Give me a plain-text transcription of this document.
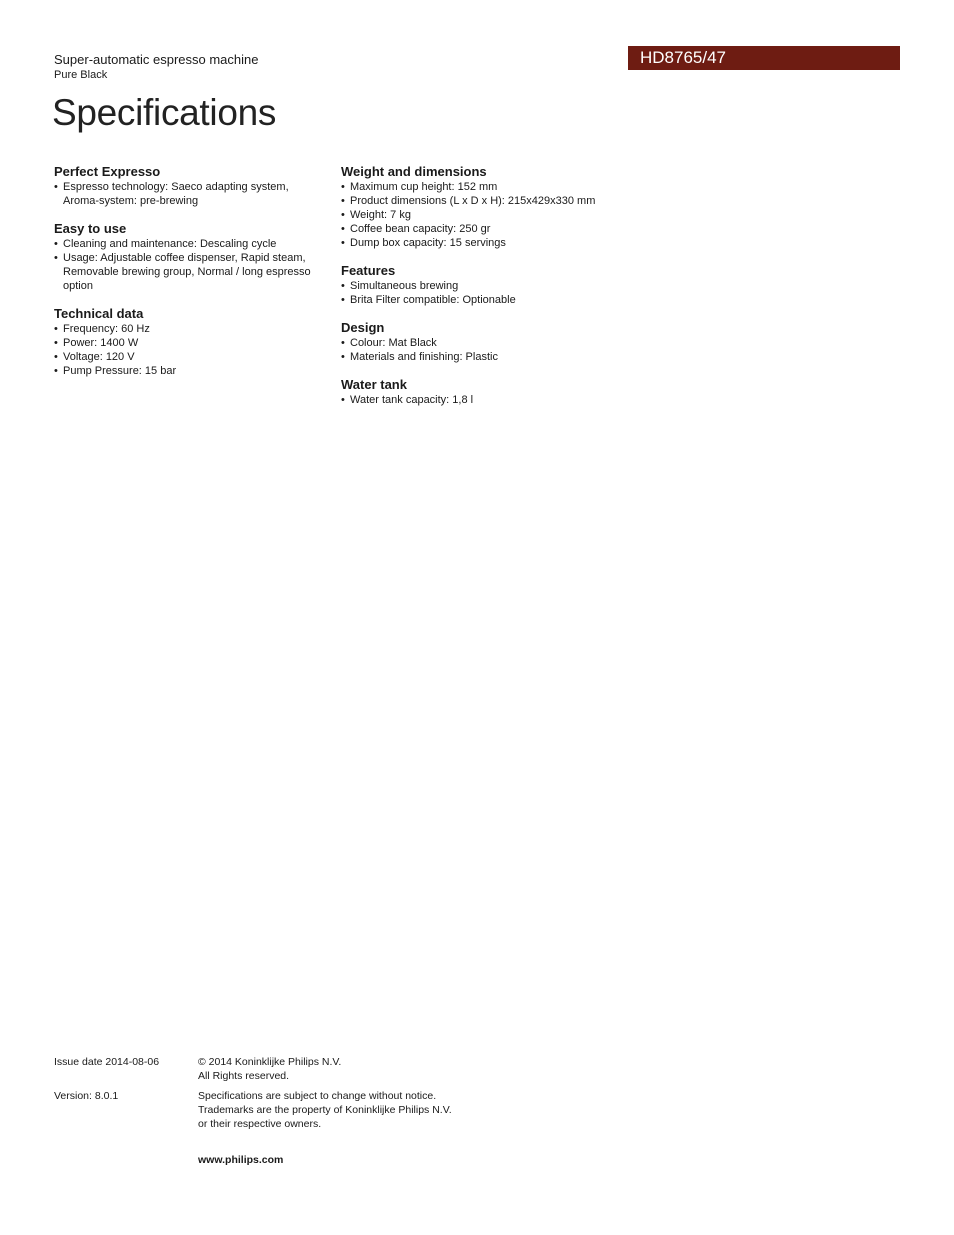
Super-automatic espresso machine
Pure Black
HD8765/47
Specifications
Perfect Expresso
• Espresso technology: Saeco adapting system,
Aroma-system: pre-brewing
Easy to use
• Cleaning and maintenance: Descaling cycle
• Usage: Adjustable coffee dispenser, Rapid steam, Removable brewing group, Normal / long espresso option
Technical data
• Frequency: 60 Hz
• Power: 1400 W
• Voltage: 120 V
• Pump Pressure: 15 bar
Weight and dimensions
• Maximum cup height: 152 mm
• Product dimensions (L x D x H): 215x429x330 mm
• Weight: 7 kg
• Coffee bean capacity: 250 gr
• Dump box capacity: 15 servings
Features
• Simultaneous brewing
• Brita Filter compatible: Optionable
Design
• Colour: Mat Black
• Materials and finishing: Plastic
Water tank
• Water tank capacity: 1,8 l
Issue date 2014-08-06	© 2014 Koninklijke Philips N.V.
All Rights reserved.
Version: 8.0.1	Specifications are subject to change without notice.
Trademarks are the property of Koninklijke Philips N.V.
or their respective owners.
www.philips.com
